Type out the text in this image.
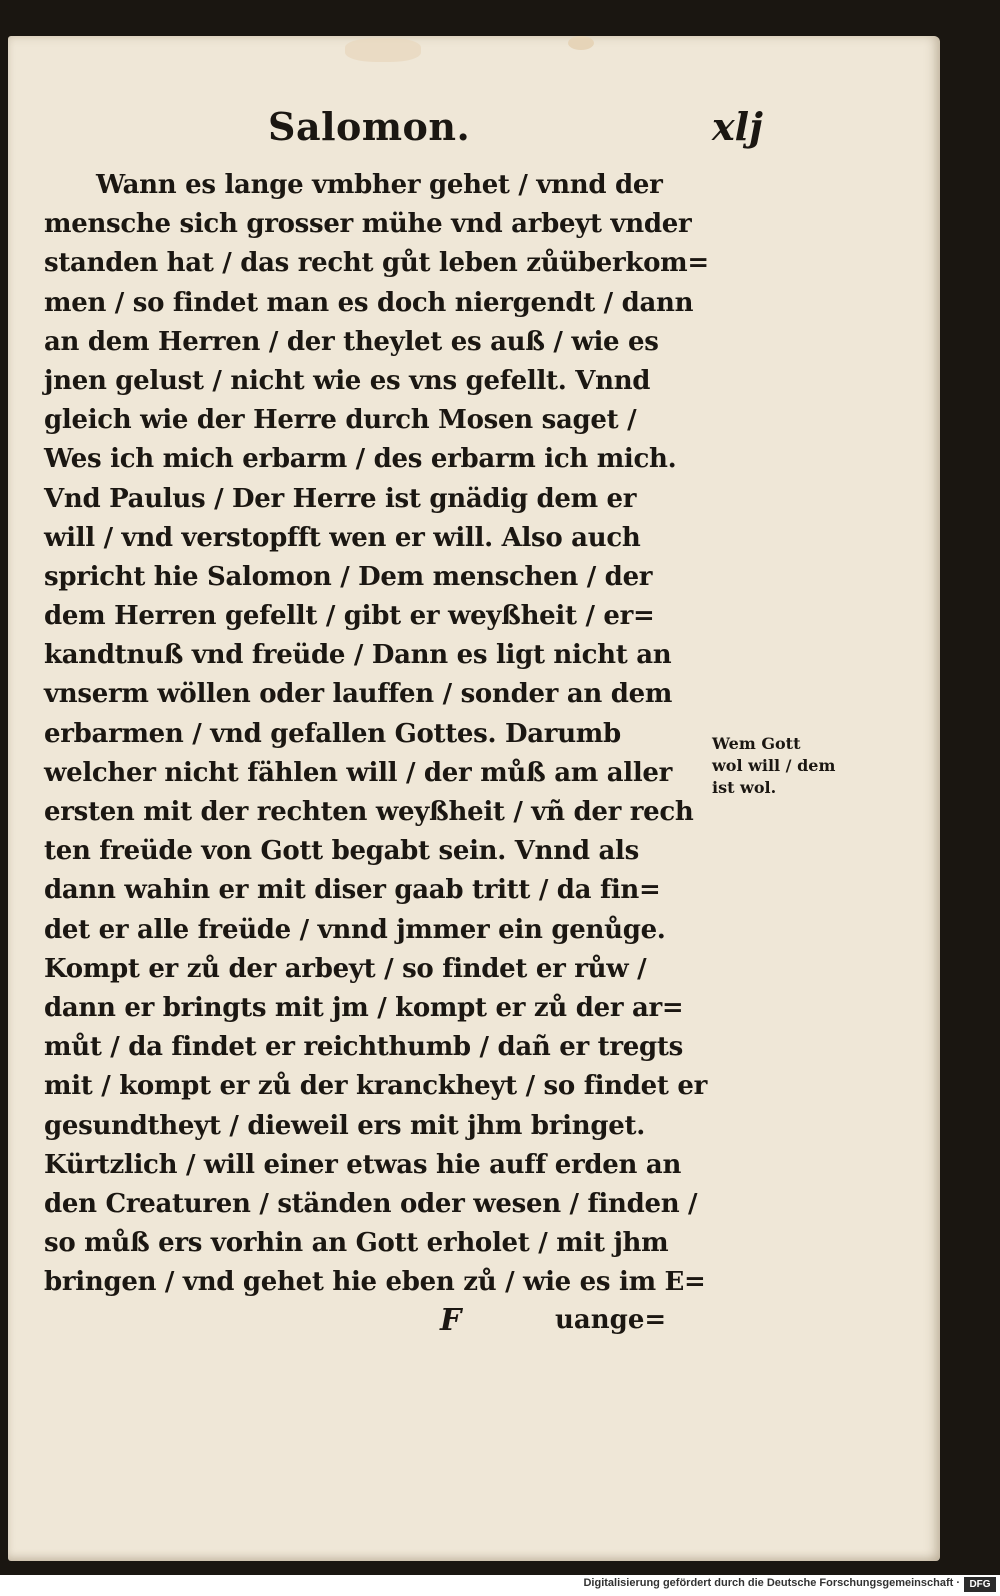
Salomon.	xlj
Wann es lange vmbher gehet / vnnd der
mensche sich grosser mühe vnd arbeyt vnder
standen hat / das recht gůt leben zůüberkom=
men / so findet man es doch niergendt / dann
an dem Herren / der theylet es auß / wie es
jnen gelust / nicht wie es vns gefellt. Vnnd
gleich wie der Herre durch Mosen saget /
Wes ich mich erbarm / des erbarm ich mich.
Vnd Paulus / Der Herre ist gnädig dem er
will / vnd verstopfft wen er will. Also auch
spricht hie Salomon / Dem menschen / der
dem Herren gefellt / gibt er weyßheit / er=
kandtnuß vnd freüde / Dann es ligt nicht an
vnserm wöllen oder lauffen / sonder an dem
erbarmen / vnd gefallen Gottes. Darumb
welcher nicht fählen will / der můß am aller
ersten mit der rechten weyßheit / vñ der rech
ten freüde von Gott begabt sein. Vnnd als
dann wahin er mit diser gaab tritt / da fin=
det er alle freüde / vnnd jmmer ein genůge.
Kompt er zů der arbeyt / so findet er růw /
dann er bringts mit jm / kompt er zů der ar=
můt / da findet er reichthumb / dañ er tregts
mit / kompt er zů der kranckheyt / so findet er
gesundtheyt / dieweil ers mit jhm bringet.
Kürtzlich / will einer etwas hie auff erden an
den Creaturen / ständen oder wesen / finden /
so můß ers vorhin an Gott erholet / mit jhm
bringen / vnd gehet hie eben zů / wie es im E=
Wem Gott
wol will / dem
ist wol.
F	uange=
Digitalisierung gefördert durch die Deutsche Forschungsgemeinschaft · DFG
